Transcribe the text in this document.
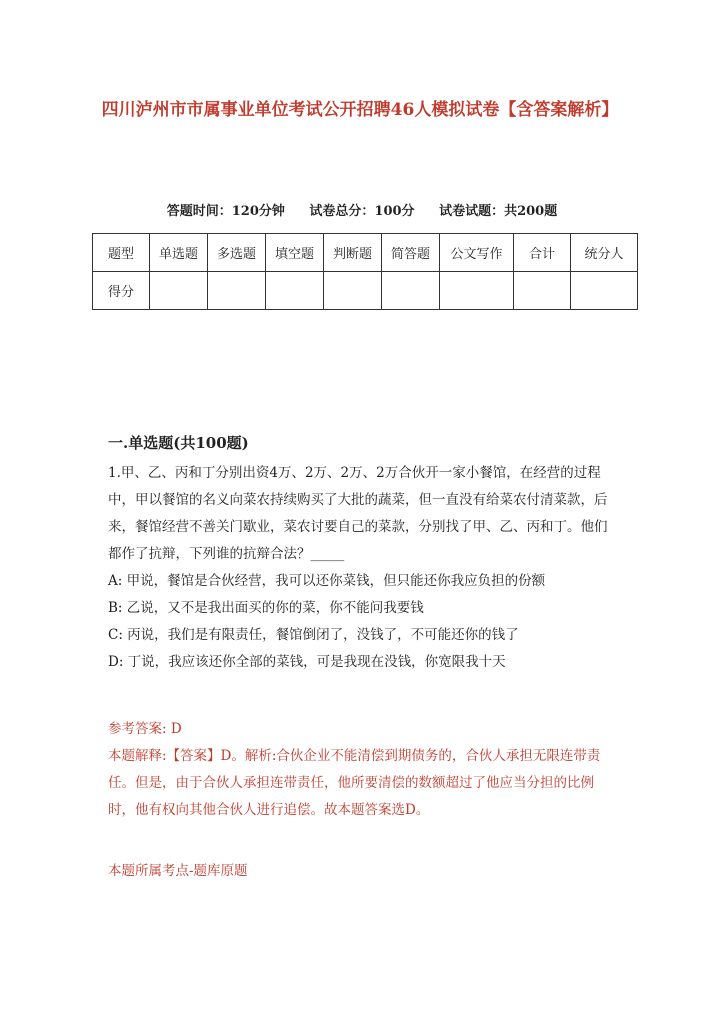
四川泸州市市属事业单位考试公开招聘46人模拟试卷【含答案解析】
答题时间：120分钟 试卷总分：100分 试卷试题：共200题
题型	单选题	多选题	填空题	判断题	简答题	公文写作	合计	统分人
得分								
一.单选题(共100题)
1.甲、乙、丙和丁分别出资4万、2万、2万、2万合伙开一家小餐馆，在经营的过程中，甲以餐馆的名义向菜农持续购买了大批的蔬菜，但一直没有给菜农付清菜款，后来，餐馆经营不善关门歇业，菜农讨要自己的菜款，分别找了甲、乙、丙和丁。他们都作了抗辩，下列谁的抗辩合法？_____
A: 甲说，餐馆是合伙经营，我可以还你菜钱，但只能还你我应负担的份额
B: 乙说，又不是我出面买的你的菜，你不能问我要钱
C: 丙说，我们是有限责任，餐馆倒闭了，没钱了，不可能还你的钱了
D: 丁说，我应该还你全部的菜钱，可是我现在没钱，你宽限我十天
参考答案: D
本题解释:【答案】D。解析:合伙企业不能清偿到期债务的，合伙人承担无限连带责任。但是，由于合伙人承担连带责任，他所要清偿的数额超过了他应当分担的比例时，他有权向其他合伙人进行追偿。故本题答案选D。
本题所属考点-题库原题
